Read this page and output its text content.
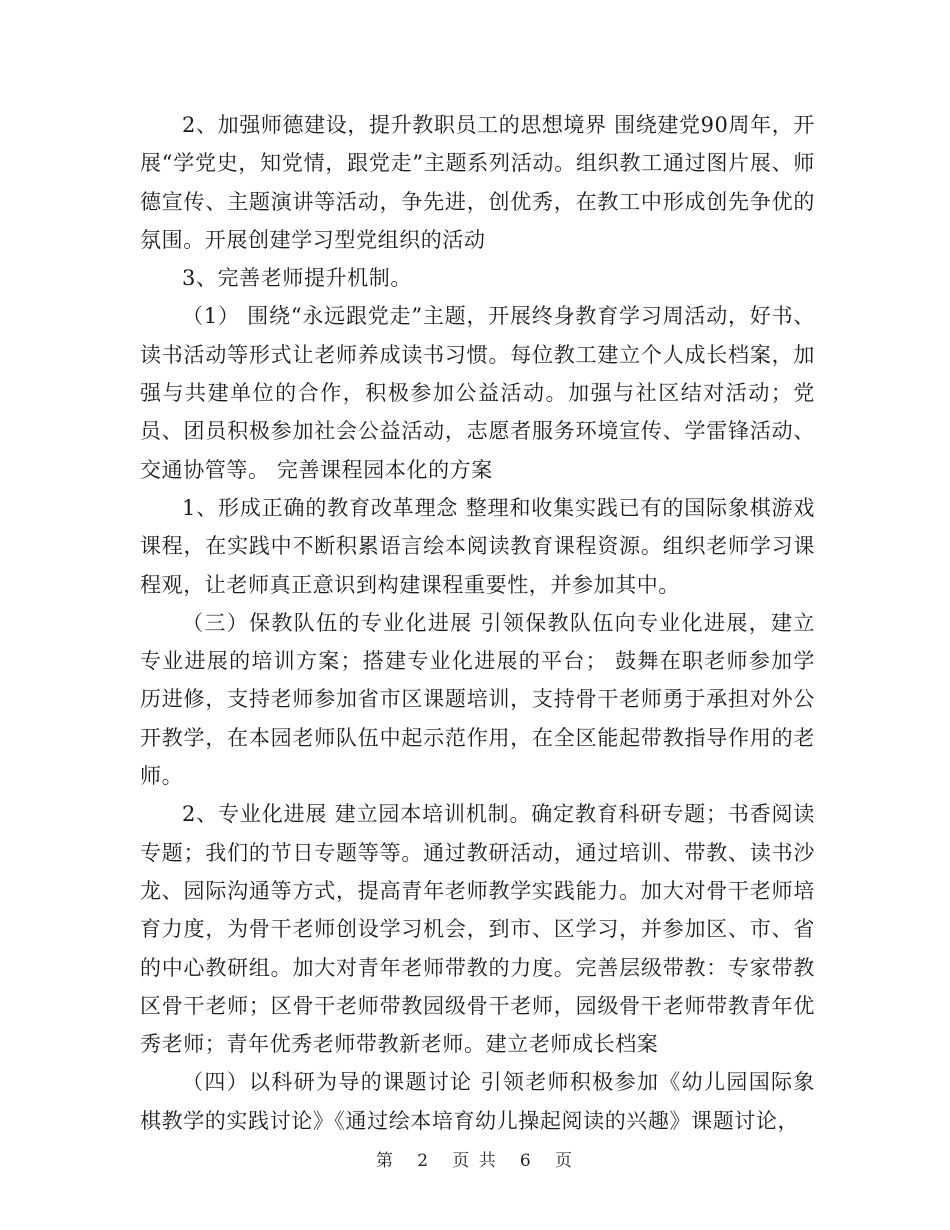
2、加强师德建设，提升教职员工的思想境界 围绕建党90周年，开展“学党史，知党情，跟党走”主题系列活动。组织教工通过图片展、师德宣传、主题演讲等活动，争先进，创优秀，在教工中形成创先争优的氛围。开展创建学习型党组织的活动

3、完善老师提升机制。

（1） 围绕“永远跟党走”主题，开展终身教育学习周活动，好书、读书活动等形式让老师养成读书习惯。每位教工建立个人成长档案，加强与共建单位的合作，积极参加公益活动。加强与社区结对活动；党员、团员积极参加社会公益活动，志愿者服务环境宣传、学雷锋活动、交通协管等。 完善课程园本化的方案

1、形成正确的教育改革理念 整理和收集实践已有的国际象棋游戏课程，在实践中不断积累语言绘本阅读教育课程资源。组织老师学习课程观，让老师真正意识到构建课程重要性，并参加其中。

（三）保教队伍的专业化进展 引领保教队伍向专业化进展，建立专业进展的培训方案；搭建专业化进展的平台； 鼓舞在职老师参加学历进修，支持老师参加省市区课题培训，支持骨干老师勇于承担对外公开教学，在本园老师队伍中起示范作用，在全区能起带教指导作用的老师。

2、专业化进展 建立园本培训机制。确定教育科研专题；书香阅读专题；我们的节日专题等等。通过教研活动，通过培训、带教、读书沙龙、园际沟通等方式，提高青年老师教学实践能力。加大对骨干老师培育力度，为骨干老师创设学习机会，到市、区学习，并参加区、市、省的中心教研组。加大对青年老师带教的力度。完善层级带教：专家带教区骨干老师；区骨干老师带教园级骨干老师，园级骨干老师带教青年优秀老师；青年优秀老师带教新老师。建立老师成长档案

（四）以科研为导的课题讨论 引领老师积极参加《幼儿园国际象棋教学的实践讨论》《通过绘本培育幼儿操起阅读的兴趣》课题讨论，

第 2 页 共 6 页
